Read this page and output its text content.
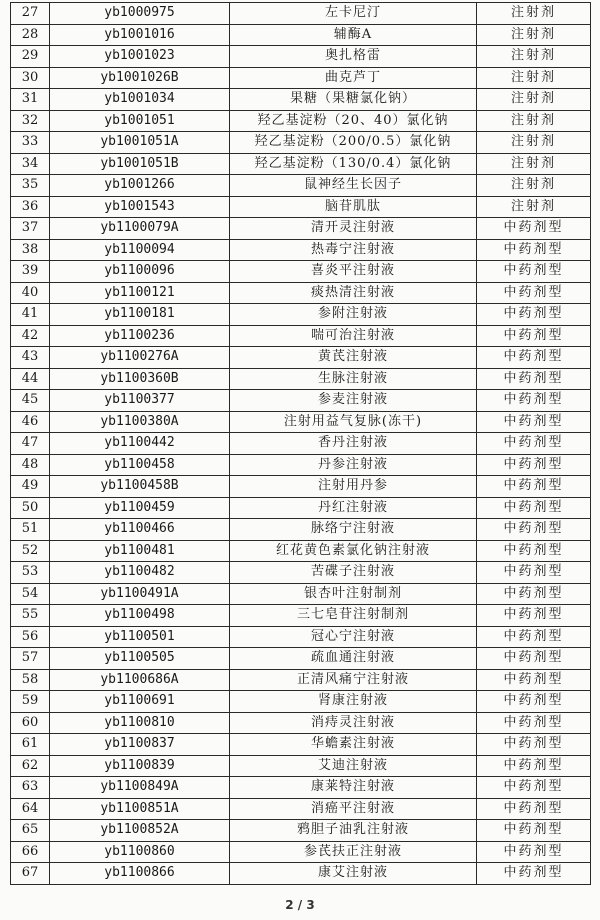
27	yb1000975	左卡尼汀	注射剂
28	yb1001016	辅酶A	注射剂
29	yb1001023	奥扎格雷	注射剂
30	yb1001026B	曲克芦丁	注射剂
31	yb1001034	果糖（果糖氯化钠）	注射剂
32	yb1001051	羟乙基淀粉（20、40）氯化钠	注射剂
33	yb1001051A	羟乙基淀粉（200/0.5）氯化钠	注射剂
34	yb1001051B	羟乙基淀粉（130/0.4）氯化钠	注射剂
35	yb1001266	鼠神经生长因子	注射剂
36	yb1001543	脑苷肌肽	注射剂
37	yb1100079A	清开灵注射液	中药剂型
38	yb1100094	热毒宁注射液	中药剂型
39	yb1100096	喜炎平注射液	中药剂型
40	yb1100121	痰热清注射液	中药剂型
41	yb1100181	参附注射液	中药剂型
42	yb1100236	喘可治注射液	中药剂型
43	yb1100276A	黄芪注射液	中药剂型
44	yb1100360B	生脉注射液	中药剂型
45	yb1100377	参麦注射液	中药剂型
46	yb1100380A	注射用益气复脉(冻干)	中药剂型
47	yb1100442	香丹注射液	中药剂型
48	yb1100458	丹参注射液	中药剂型
49	yb1100458B	注射用丹参	中药剂型
50	yb1100459	丹红注射液	中药剂型
51	yb1100466	脉络宁注射液	中药剂型
52	yb1100481	红花黄色素氯化钠注射液	中药剂型
53	yb1100482	苦碟子注射液	中药剂型
54	yb1100491A	银杏叶注射制剂	中药剂型
55	yb1100498	三七皂苷注射制剂	中药剂型
56	yb1100501	冠心宁注射液	中药剂型
57	yb1100505	疏血通注射液	中药剂型
58	yb1100686A	正清风痛宁注射液	中药剂型
59	yb1100691	肾康注射液	中药剂型
60	yb1100810	消痔灵注射液	中药剂型
61	yb1100837	华蟾素注射液	中药剂型
62	yb1100839	艾迪注射液	中药剂型
63	yb1100849A	康莱特注射液	中药剂型
64	yb1100851A	消癌平注射液	中药剂型
65	yb1100852A	鸦胆子油乳注射液	中药剂型
66	yb1100860	参芪扶正注射液	中药剂型
67	yb1100866	康艾注射液	中药剂型
2 / 3
